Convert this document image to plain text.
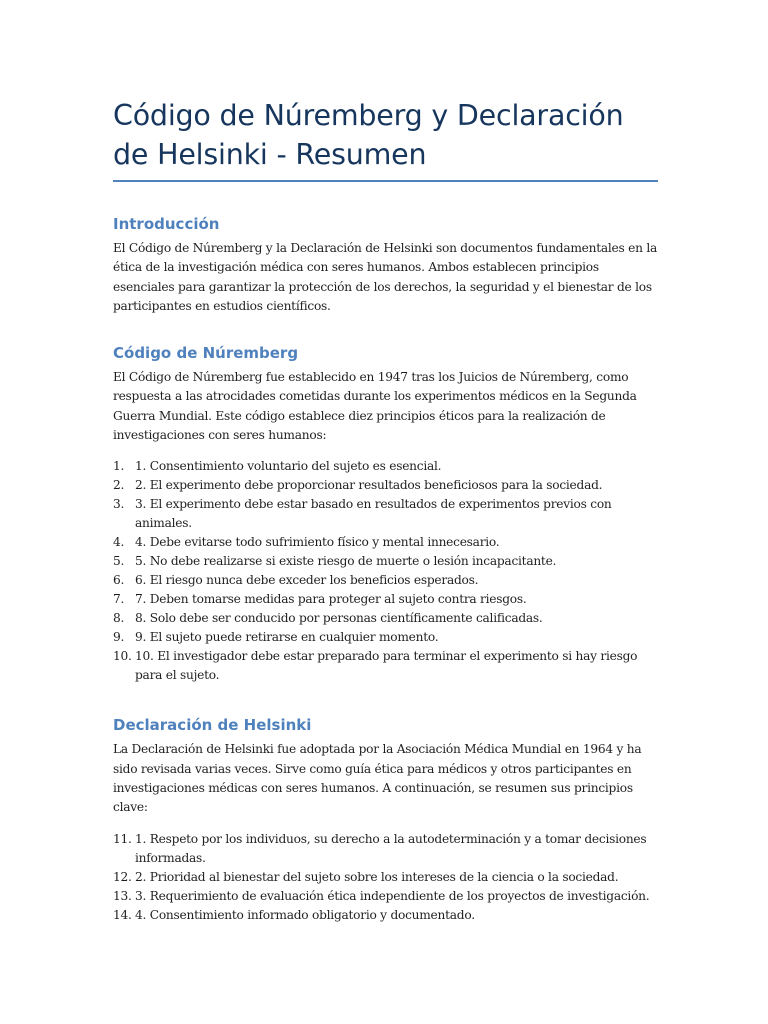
Código de Núremberg y Declaración de Helsinki - Resumen
Introducción

El Código de Núremberg y la Declaración de Helsinki son documentos fundamentales en la ética de la investigación médica con seres humanos. Ambos establecen principios esenciales para garantizar la protección de los derechos, la seguridad y el bienestar de los participantes en estudios científicos.

Código de Núremberg

El Código de Núremberg fue establecido en 1947 tras los Juicios de Núremberg, como respuesta a las atrocidades cometidas durante los experimentos médicos en la Segunda Guerra Mundial. Este código establece diez principios éticos para la realización de investigaciones con seres humanos:

1. 1. Consentimiento voluntario del sujeto es esencial.
2. 2. El experimento debe proporcionar resultados beneficiosos para la sociedad.
3. 3. El experimento debe estar basado en resultados de experimentos previos con animales.
4. 4. Debe evitarse todo sufrimiento físico y mental innecesario.
5. 5. No debe realizarse si existe riesgo de muerte o lesión incapacitante.
6. 6. El riesgo nunca debe exceder los beneficios esperados.
7. 7. Deben tomarse medidas para proteger al sujeto contra riesgos.
8. 8. Solo debe ser conducido por personas científicamente calificadas.
9. 9. El sujeto puede retirarse en cualquier momento.
10. 10. El investigador debe estar preparado para terminar el experimento si hay riesgo para el sujeto.
Declaración de Helsinki

La Declaración de Helsinki fue adoptada por la Asociación Médica Mundial en 1964 y ha sido revisada varias veces. Sirve como guía ética para médicos y otros participantes en investigaciones médicas con seres humanos. A continuación, se resumen sus principios clave:

11. 1. Respeto por los individuos, su derecho a la autodeterminación y a tomar decisiones informadas.
12. 2. Prioridad al bienestar del sujeto sobre los intereses de la ciencia o la sociedad.
13. 3. Requerimiento de evaluación ética independiente de los proyectos de investigación.
14. 4. Consentimiento informado obligatorio y documentado.
